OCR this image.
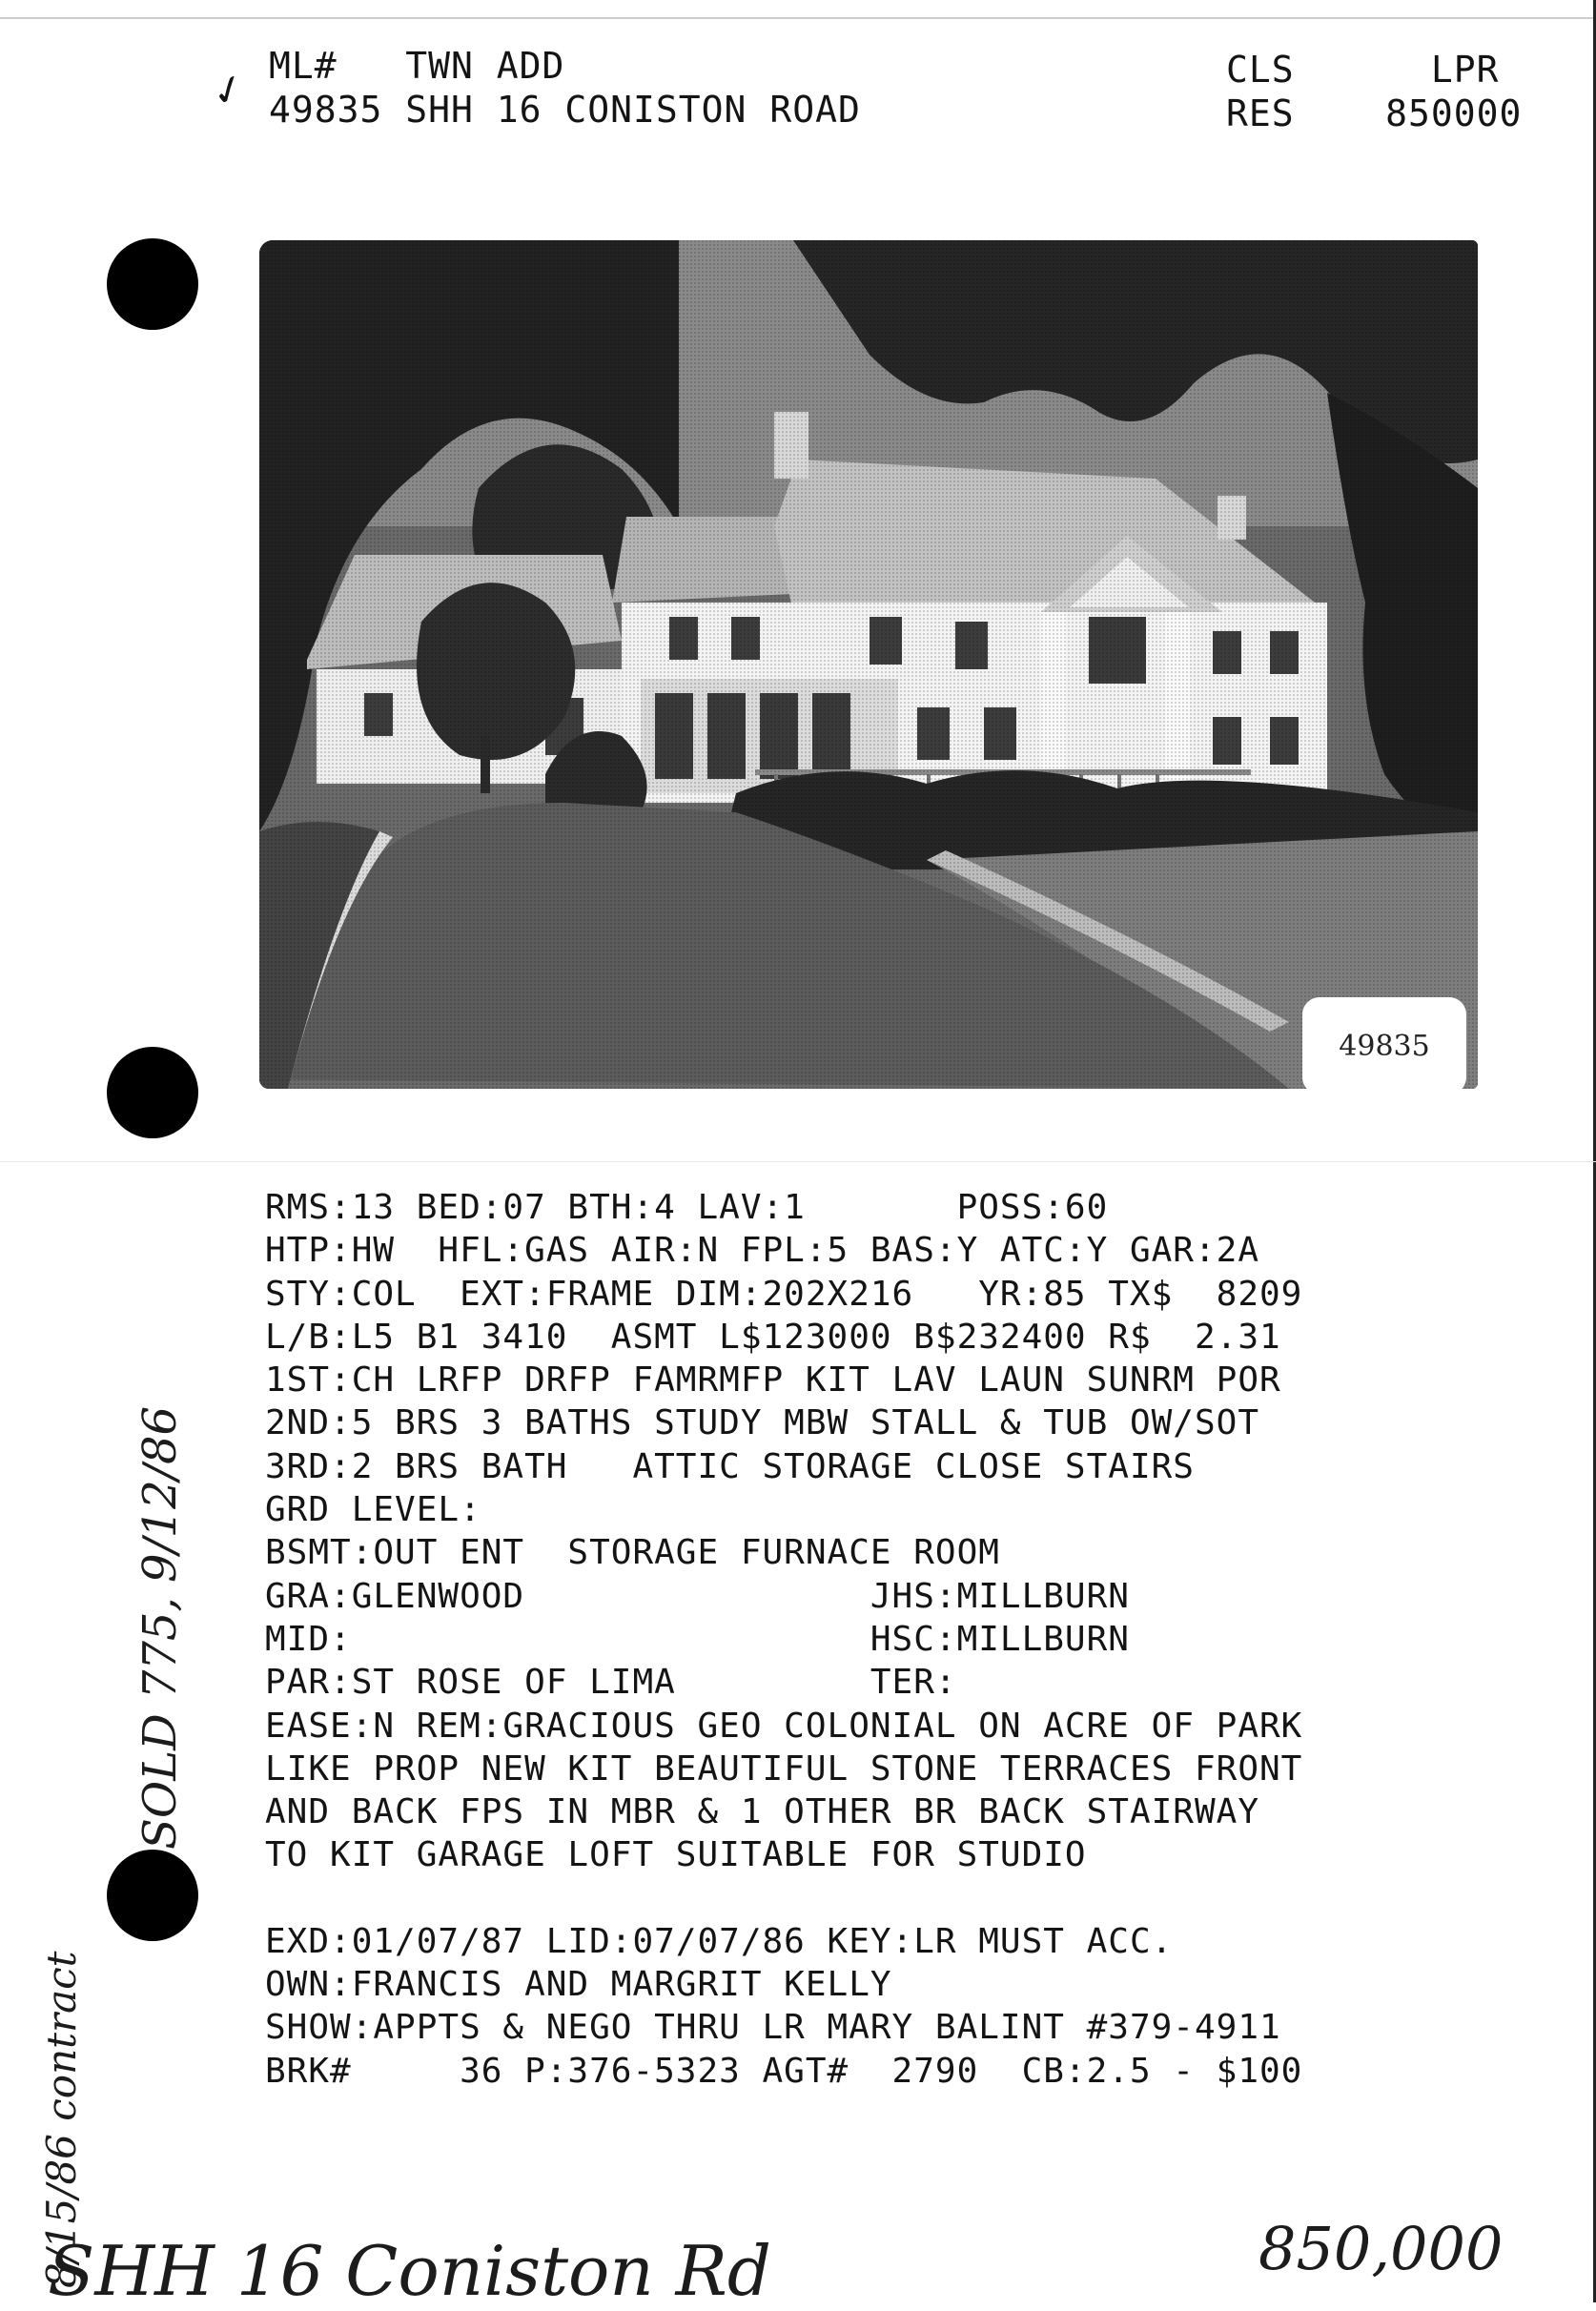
✓ ML#   TWN ADD
49835 SHH 16 CONISTON ROAD
CLS      LPR
RES    850000
49835
RMS:13 BED:07 BTH:4 LAV:1       POSS:60
HTP:HW  HFL:GAS AIR:N FPL:5 BAS:Y ATC:Y GAR:2A
STY:COL  EXT:FRAME DIM:202X216   YR:85 TX$  8209
L/B:L5 B1 3410  ASMT L$123000 B$232400 R$  2.31
1ST:CH LRFP DRFP FAMRMFP KIT LAV LAUN SUNRM POR
2ND:5 BRS 3 BATHS STUDY MBW STALL & TUB OW/SOT
3RD:2 BRS BATH   ATTIC STORAGE CLOSE STAIRS
GRD LEVEL:
BSMT:OUT ENT  STORAGE FURNACE ROOM
GRA:GLENWOOD                JHS:MILLBURN
MID:                        HSC:MILLBURN
PAR:ST ROSE OF LIMA         TER:
EASE:N REM:GRACIOUS GEO COLONIAL ON ACRE OF PARK
LIKE PROP NEW KIT BEAUTIFUL STONE TERRACES FRONT
AND BACK FPS IN MBR & 1 OTHER BR BACK STAIRWAY
TO KIT GARAGE LOFT SUITABLE FOR STUDIO
EXD:01/07/87 LID:07/07/86 KEY:LR MUST ACC.
OWN:FRANCIS AND MARGRIT KELLY
SHOW:APPTS & NEGO THRU LR MARY BALINT #379-4911
BRK#     36 P:376-5323 AGT#  2790  CB:2.5 - $100
SOLD 775, 9/12/86
8/15/86 contract
SHH 16 Coniston Rd	850,000
